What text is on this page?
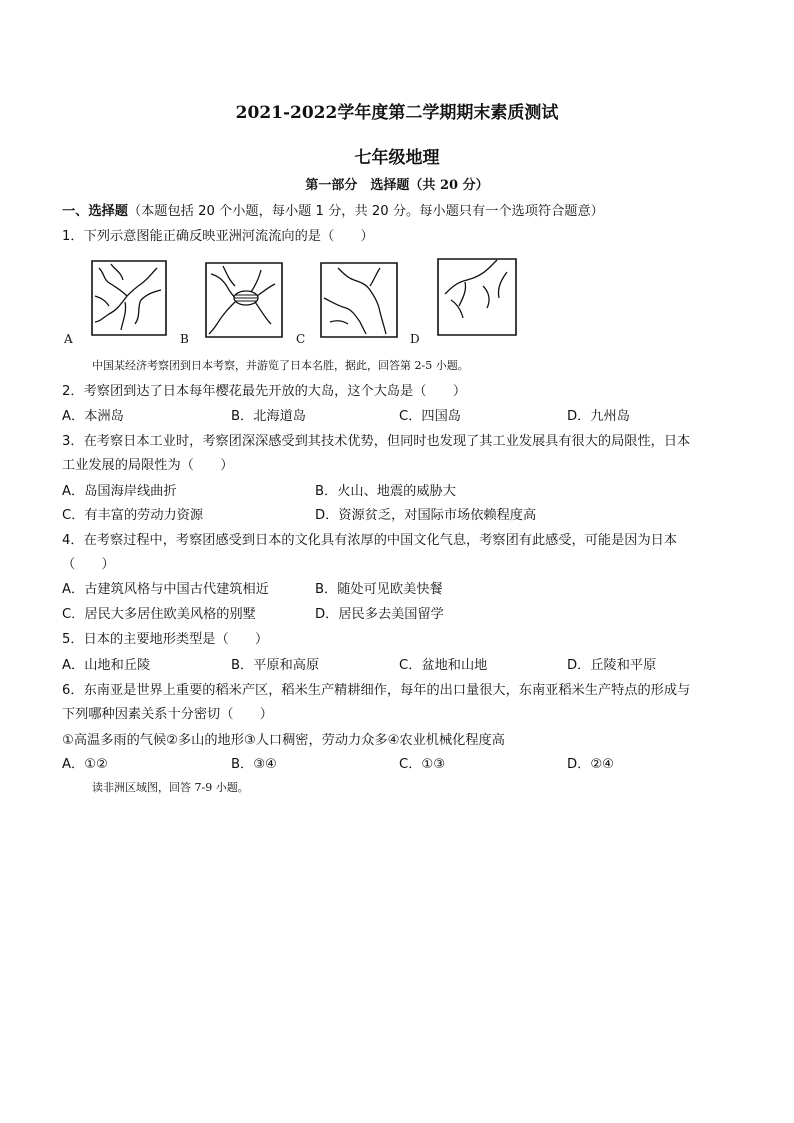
2021-2022学年度第二学期期末素质测试
七年级地理
第一部分　选择题（共 20 分）
一、选择题（本题包括 20 个小题，每小题 1 分，共 20 分。每小题只有一个选项符合题意）
1．下列示意图能正确反映亚洲河流流向的是（　　）
A	B	C	D
中国某经济考察团到日本考察，并游览了日本名胜，据此，回答第 2-5 小题。
2．考察团到达了日本每年樱花最先开放的大岛，这个大岛是（　　）
A．本洲岛	B．北海道岛	C．四国岛	D．九州岛
3．在考察日本工业时，考察团深深感受到其技术优势，但同时也发现了其工业发展具有很大的局限性，日本
工业发展的局限性为（　　）
A．岛国海岸线曲折	B．火山、地震的威胁大
C．有丰富的劳动力资源	D．资源贫乏，对国际市场依赖程度高
4．在考察过程中，考察团感受到日本的文化具有浓厚的中国文化气息，考察团有此感受，可能是因为日本
（　　）
A．古建筑风格与中国古代建筑相近	B．随处可见欧美快餐
C．居民大多居住欧美风格的别墅	D．居民多去美国留学
5．日本的主要地形类型是（　　）
A．山地和丘陵	B．平原和高原	C．盆地和山地	D．丘陵和平原
6．东南亚是世界上重要的稻米产区，稻米生产精耕细作，每年的出口量很大，东南亚稻米生产特点的形成与
下列哪种因素关系十分密切（　　）
①高温多雨的气候②多山的地形③人口稠密，劳动力众多④农业机械化程度高
A．①②	B．③④	C．①③	D．②④
读非洲区域图，回答 7-9 小题。
